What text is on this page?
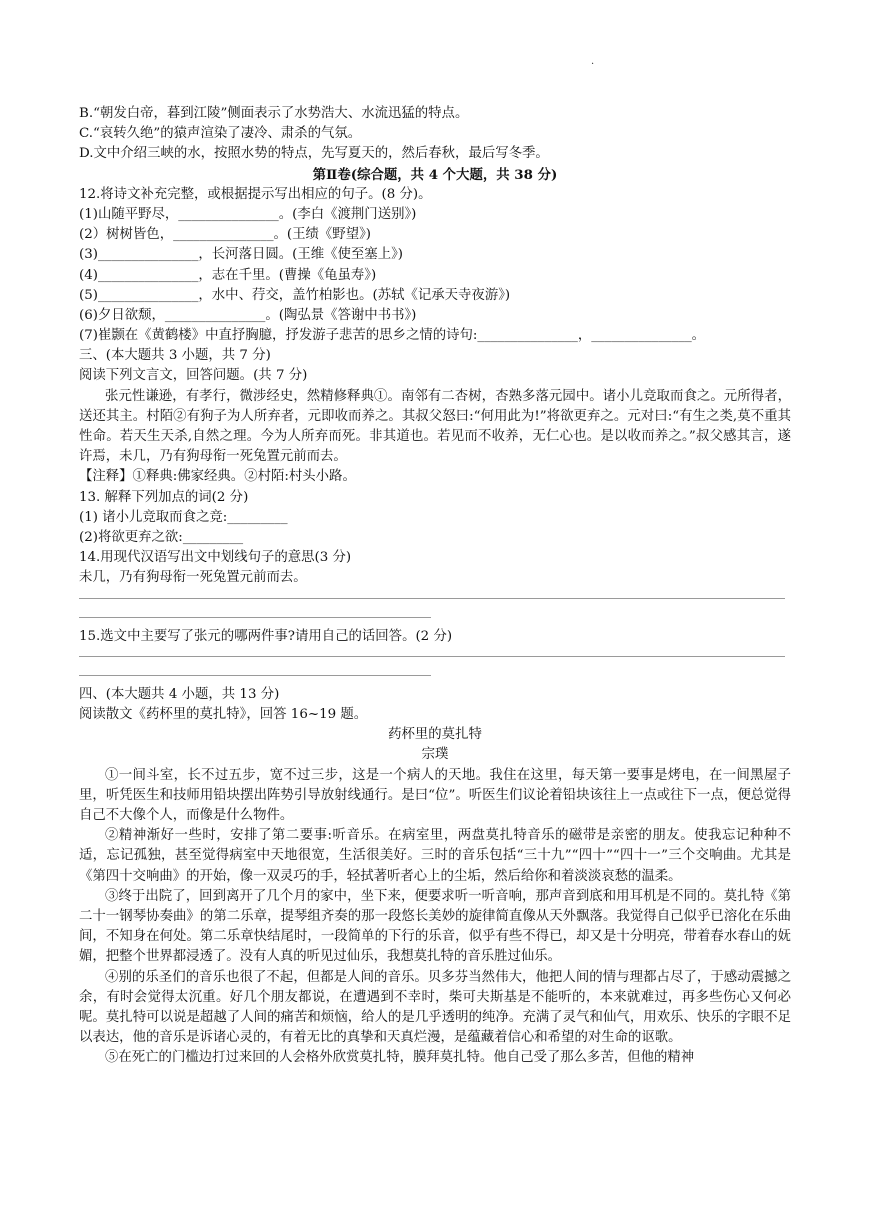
.
B.“朝发白帝，暮到江陵”侧面表示了水势浩大、水流迅猛的特点。
C.“哀转久绝”的猿声渲染了凄冷、肃杀的气氛。
D.文中介绍三峡的水，按照水势的特点，先写夏天的，然后春秋，最后写冬季。
第Ⅱ卷(综合题，共 4 个大题，共 38 分)
12.将诗文补充完整，或根据提示写出相应的句子。(8 分)。
(1)山随平野尽，_______________。(李白《渡荆门送别》)
(2）树树皆色，_______________。(王绩《野望》)
(3)_______________，长河落日圆。(王维《使至塞上》)
(4)_______________，志在千里。(曹操《龟虽寿》)
(5)_______________，水中、荇交，盖竹柏影也。(苏轼《记承天寺夜游》)
(6)夕日欲颓，_______________。(陶弘景《答谢中书书》)
(7)崔颢在《黄鹤楼》中直抒胸臆，抒发游子悲苦的思乡之情的诗句:_______________，_______________。
三、(本大题共 3 小题，共 7 分)
阅读下列文言文，回答问题。(共 7 分)
张元性谦逊，有孝行，微涉经史，然精修释典①。南邻有二杏树，杏熟多落元园中。诸小儿竞取而食之。元所得者，送还其主。村陌②有狗子为人所弃者，元即收而养之。其叔父怒曰:“何用此为!”将欲更弃之。元对曰:“有生之类,莫不重其性命。若天生天杀,自然之理。今为人所弃而死。非其道也。若见而不收养，无仁心也。是以收而养之。”叔父感其言，遂许焉，未几，乃有狗母衔一死兔置元前而去。
【注释】①释典:佛家经典。②村陌:村头小路。
13. 解释下列加点的词(2 分)
(1) 诸小儿竞取而食之竞:_________
(2)将欲更弃之欲:_________
14.用现代汉语写出文中划线句子的意思(3 分)
未几，乃有狗母衔一死兔置元前而去。
15.选文中主要写了张元的哪两件事?请用自己的话回答。(2 分)
四、(本大题共 4 小题，共 13 分)
阅读散文《药杯里的莫扎特》，回答 16~19 题。
药杯里的莫扎特
宗璞
①一间斗室，长不过五步，宽不过三步，这是一个病人的天地。我住在这里，每天第一要事是烤电，在一间黑屋子里，听凭医生和技师用铅块摆出阵势引导放射线通行。是曰“位”。听医生们议论着铅块该往上一点或往下一点，便总觉得自己不大像个人，而像是什么物件。
②精神渐好一些时，安排了第二要事:听音乐。在病室里，两盘莫扎特音乐的磁带是亲密的朋友。使我忘记种种不适，忘记孤独，甚至觉得病室中天地很宽，生活很美好。三时的音乐包括“三十九”“四十”“四十一”三个交响曲。尤其是《第四十交响曲》的开始，像一双灵巧的手，轻拭著听者心上的尘垢，然后给你和着淡淡哀愁的温柔。
③终于出院了，回到离开了几个月的家中，坐下来，便要求听一听音响，那声音到底和用耳机是不同的。莫扎特《第二十一钢琴协奏曲》的第二乐章，提琴组齐奏的那一段悠长美妙的旋律简直像从天外飘落。我觉得自己似乎已溶化在乐曲间，不知身在何处。第二乐章快结尾时，一段简单的下行的乐音，似乎有些不得已，却又是十分明亮，带着春水春山的妩媚，把整个世界都浸透了。没有人真的听见过仙乐，我想莫扎特的音乐胜过仙乐。
④别的乐圣们的音乐也很了不起，但都是人间的音乐。贝多芬当然伟大，他把人间的情与理都占尽了，于感动震撼之余，有时会觉得太沉重。好几个朋友都说，在遭遇到不幸时，柴可夫斯基是不能听的，本来就难过，再多些伤心又何必呢。莫扎特可以说是超越了人间的痛苦和烦恼，给人的是几乎透明的纯净。充满了灵气和仙气，用欢乐、快乐的字眼不足以表达，他的音乐是诉诸心灵的，有着无比的真挚和天真烂漫，是蕴藏着信心和希望的对生命的讴歌。
⑤在死亡的门槛边打过来回的人会格外欣赏莫扎特，膜拜莫扎特。他自己受了那么多苦，但他的精神
